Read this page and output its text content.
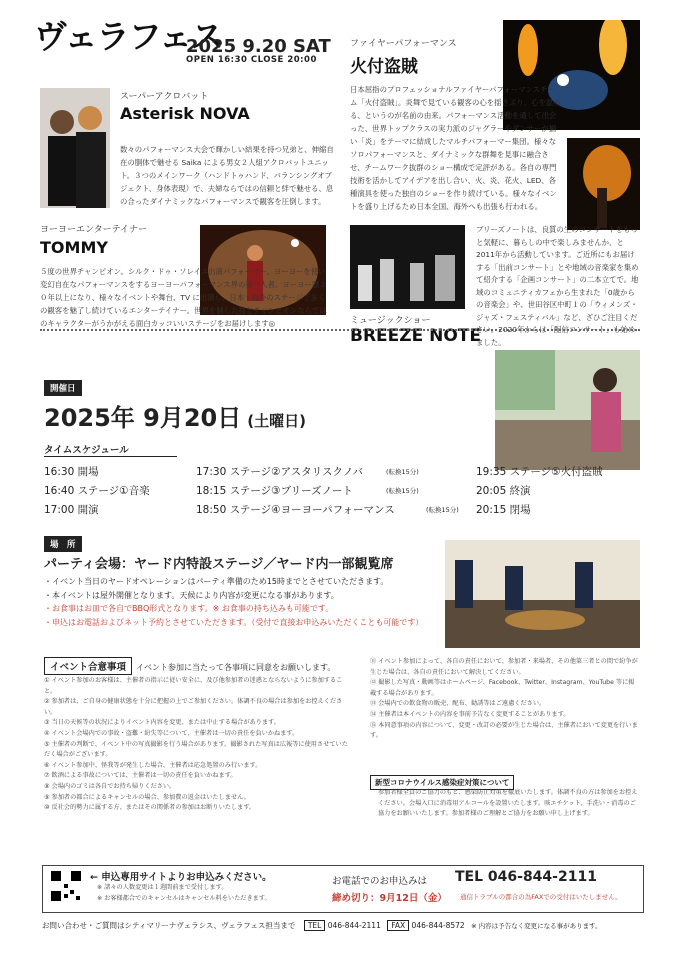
ヴェラフェス
2025 9.20 SAT
OPEN 16:30 CLOSE 20:00
スーパーアクロバット
Asterisk NOVA
数々のパフォーマンス大会で輝かしい結果を持つ兄弟と、伸縮自在の胴体で魅せる Saika による男女２人組アクロバットユニット。３つのメインワーク（ハンドトゥハンド、バランシングオブジェクト、身体表現）で、夫婦ならではの信頼と絆で魅せる、息の合ったダイナミックなパフォーマンスで観客を圧倒します。
ファイヤーパフォーマンス
火付盗賊
日本屈指のプロフェッショナルファイヤーパフォーマンスチーム「火付盗賊」。炎舞で見ている観客の心を揺さぶり、心を温める、というのが名前の由来。パフォーマンス活動を通して出会った、世界トップクラスの実力派のジャグラーやダンサーが揃い「炎」をテーマに結成したマルチパフォーマー集団。様々なソロパフォーマンスと、ダイナミックな群舞を見事に融合させ、チームワーク抜群のショー構成で定評がある。各自の専門技術を活かしてアイデアを出し合い、火、炎、花火、LED、各種演具を使った独自のショーを作り続けている。様々なイベントを盛り上げるため日本全国、海外へも出張も行われる。
ヨーヨーエンターテイナー
TOMMY
５度の世界チャンピオン。シルク・ドゥ・ソレイユ出演パフォーマー。ヨーヨーを使い変幻自在なパフォーマンスをするヨーヨーパフォーマンス界の第一人者。ヨーヨー歴２０年以上になり、様々なイベントや舞台、TV に出演し、日本・海外のステージで多くの観客を魅了し続けているエンターテイナー。世界を制した技とチャンピオンならではのキャラクターがうかがえる面白カッコいいステージをお届けします◎	ミュージックショー
BREEZE NOTE
ブリーズノートは、良質の生のコンサートをもっと気軽に、暮らしの中で楽しみませんか、と 2011年から活動しています。ご近所にもお届けする「出前コンサート」とや地域の音楽家を集めて紹介する「企画コンサート」の二本立てで。地域のコミュニティカフェから生まれた「0歳からの音楽会」や、世田谷区中町１の「ウィメンズ・ジャズ・フェスティバル」など、ざひご注目ください。2020年からは「配信コンサート」も始めました。
開催日
2025年 9月20日 (土曜日)
タイムスケジュール
16:30 開場	17:30 ステージ②アスタリスクノバ	(転換15分)	19:35 ステージ⑤火付盗賊
16:40 ステージ①音楽	18:15 ステージ③ブリーズノート	(転換15分)	20:05 終演
17:00 開演	18:50 ステージ④ヨーヨーパフォーマンス	(転換15分)	20:15 閉場
場　所
パーティ会場：ヤード内特設ステージ／ヤード内一部観覧席
・イベント当日のヤードオペレーションはパーティ準備のため15時までとさせていただきます。
・本イベントは屋外開催となります。天候により内容が変更になる事があります。
・お食事はお皿で各自でBBQ形式となります。※ お食事の持ち込みも可能です。
・申込はお電話およびネット予約とさせていただきます。（受付で直接お申込みいただくことも可能です）
イベント合意事項 イベント参加に当たって各事項に同意をお願いします。
① イベント参加のお客様は、主催者の指示に従い安全に、及び他参加者の迷惑とならないように参加すること。
② 参加者は、ご自身の健康状態を十分に把握の上でご参加ください。体調不良の場合は参加をお控えください。
③ 当日の天候等の状況によりイベント内容を変更、または中止する場合があります。
④ イベント会場内での事故・盗難・紛失等について、主催者は一切の責任を負いかねます。
⑤ 主催者の判断で、イベント中の写真撮影を行う場合があります。撮影された写真は広報等に使用させていただく場合がございます。
⑥ イベント参加中、怪我等が発生した場合、主催者は応急処置のみ行います。
⑦ 飲酒による事故については、主催者は一切の責任を負いかねます。
⑧ 会場内のゴミは各自でお持ち帰りください。
⑨ 参加者の都合によるキャンセルの場合、参加費の返金はいたしません。
⑩ 反社会的勢力に属する方、またはその関係者の参加はお断りいたします。
⑪ イベント参加によって、各自の責任において、参加者・来場者、その他第三者との間で紛争が生じた場合は、各自の責任において解決してください。
⑫ 撮影した写真・動画等はホームページ、Facebook、Twitter、Instagram、YouTube 等に掲載する場合があります。
⑬ 会場内での飲食物の販売、配布、勧誘等はご遠慮ください。
⑭ 主催者は本イベントの内容を事前予告なく変更することがあります。
⑮ 本同意事項の内容について、変更・改訂の必要が生じた場合は、主催者において変更を行います。
新型コロナウイルス感染症対策について
参加者様全員のご協力のもと、感染防止対策を徹底いたします。体調不良の方は参加をお控えください。会場入口に消毒用アルコールを設置いたします。咳エチケット、手洗い・消毒のご協力をお願いいたします。参加者様のご理解とご協力をお願い申し上げます。
← 申込専用サイトよりお申込みください。
※ 諸々の人数変更は１週間前まで受付します。
※ お客様都合でのキャンセルはキャンセル料をいただきます。
お電話でのお申込みは TEL 046-844-2111
締め切り：9月12日（金） 通信トラブルの都合の為FAXでの受付はいたしません。
お問い合わせ・ご質問はシティマリーナヴェラシス、ヴェラフェス担当まで TEL 046-844-2111 FAX 046-844-8572 ※ 内容は予告なく変更になる事があります。
